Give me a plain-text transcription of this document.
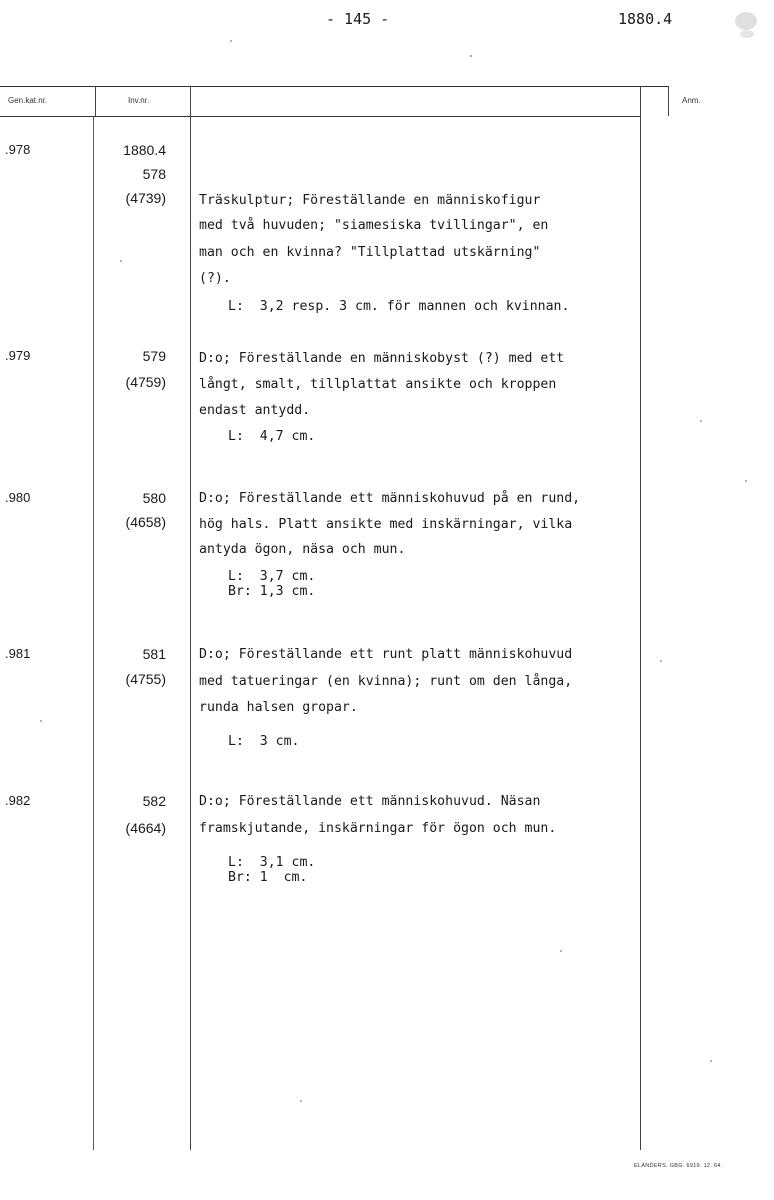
- 145 -	1880.4
Gen.kat.nr.	Inv.nr.	Anm.
.978	1880.4
578
(4739)	Träskulptur; Föreställande en människofigur
med två huvuden; "siamesiska tvillingar", en
man och en kvinna? "Tillplattad utskärning"
(?).
L:  3,2 resp. 3 cm. för mannen och kvinnan.
.979	579
(4759)
D:o; Föreställande en människobyst (?) med ett
långt, smalt, tillplattat ansikte och kroppen
endast antydd.
L:  4,7 cm.
.980	580
(4658)
D:o; Föreställande ett människohuvud på en rund,
hög hals. Platt ansikte med inskärningar, vilka
antyda ögon, näsa och mun.
L:  3,7 cm.
Br: 1,3 cm.
.981	581
(4755)
D:o; Föreställande ett runt platt människohuvud
med tatueringar (en kvinna); runt om den långa,
runda halsen gropar.
L:  3 cm.
.982	582
(4664)
D:o; Föreställande ett människohuvud. Näsan
framskjutande, inskärningar för ögon och mun.
L:  3,1 cm.
Br: 1  cm.
ELANDERS. GBG. 6919. 12. 64.
